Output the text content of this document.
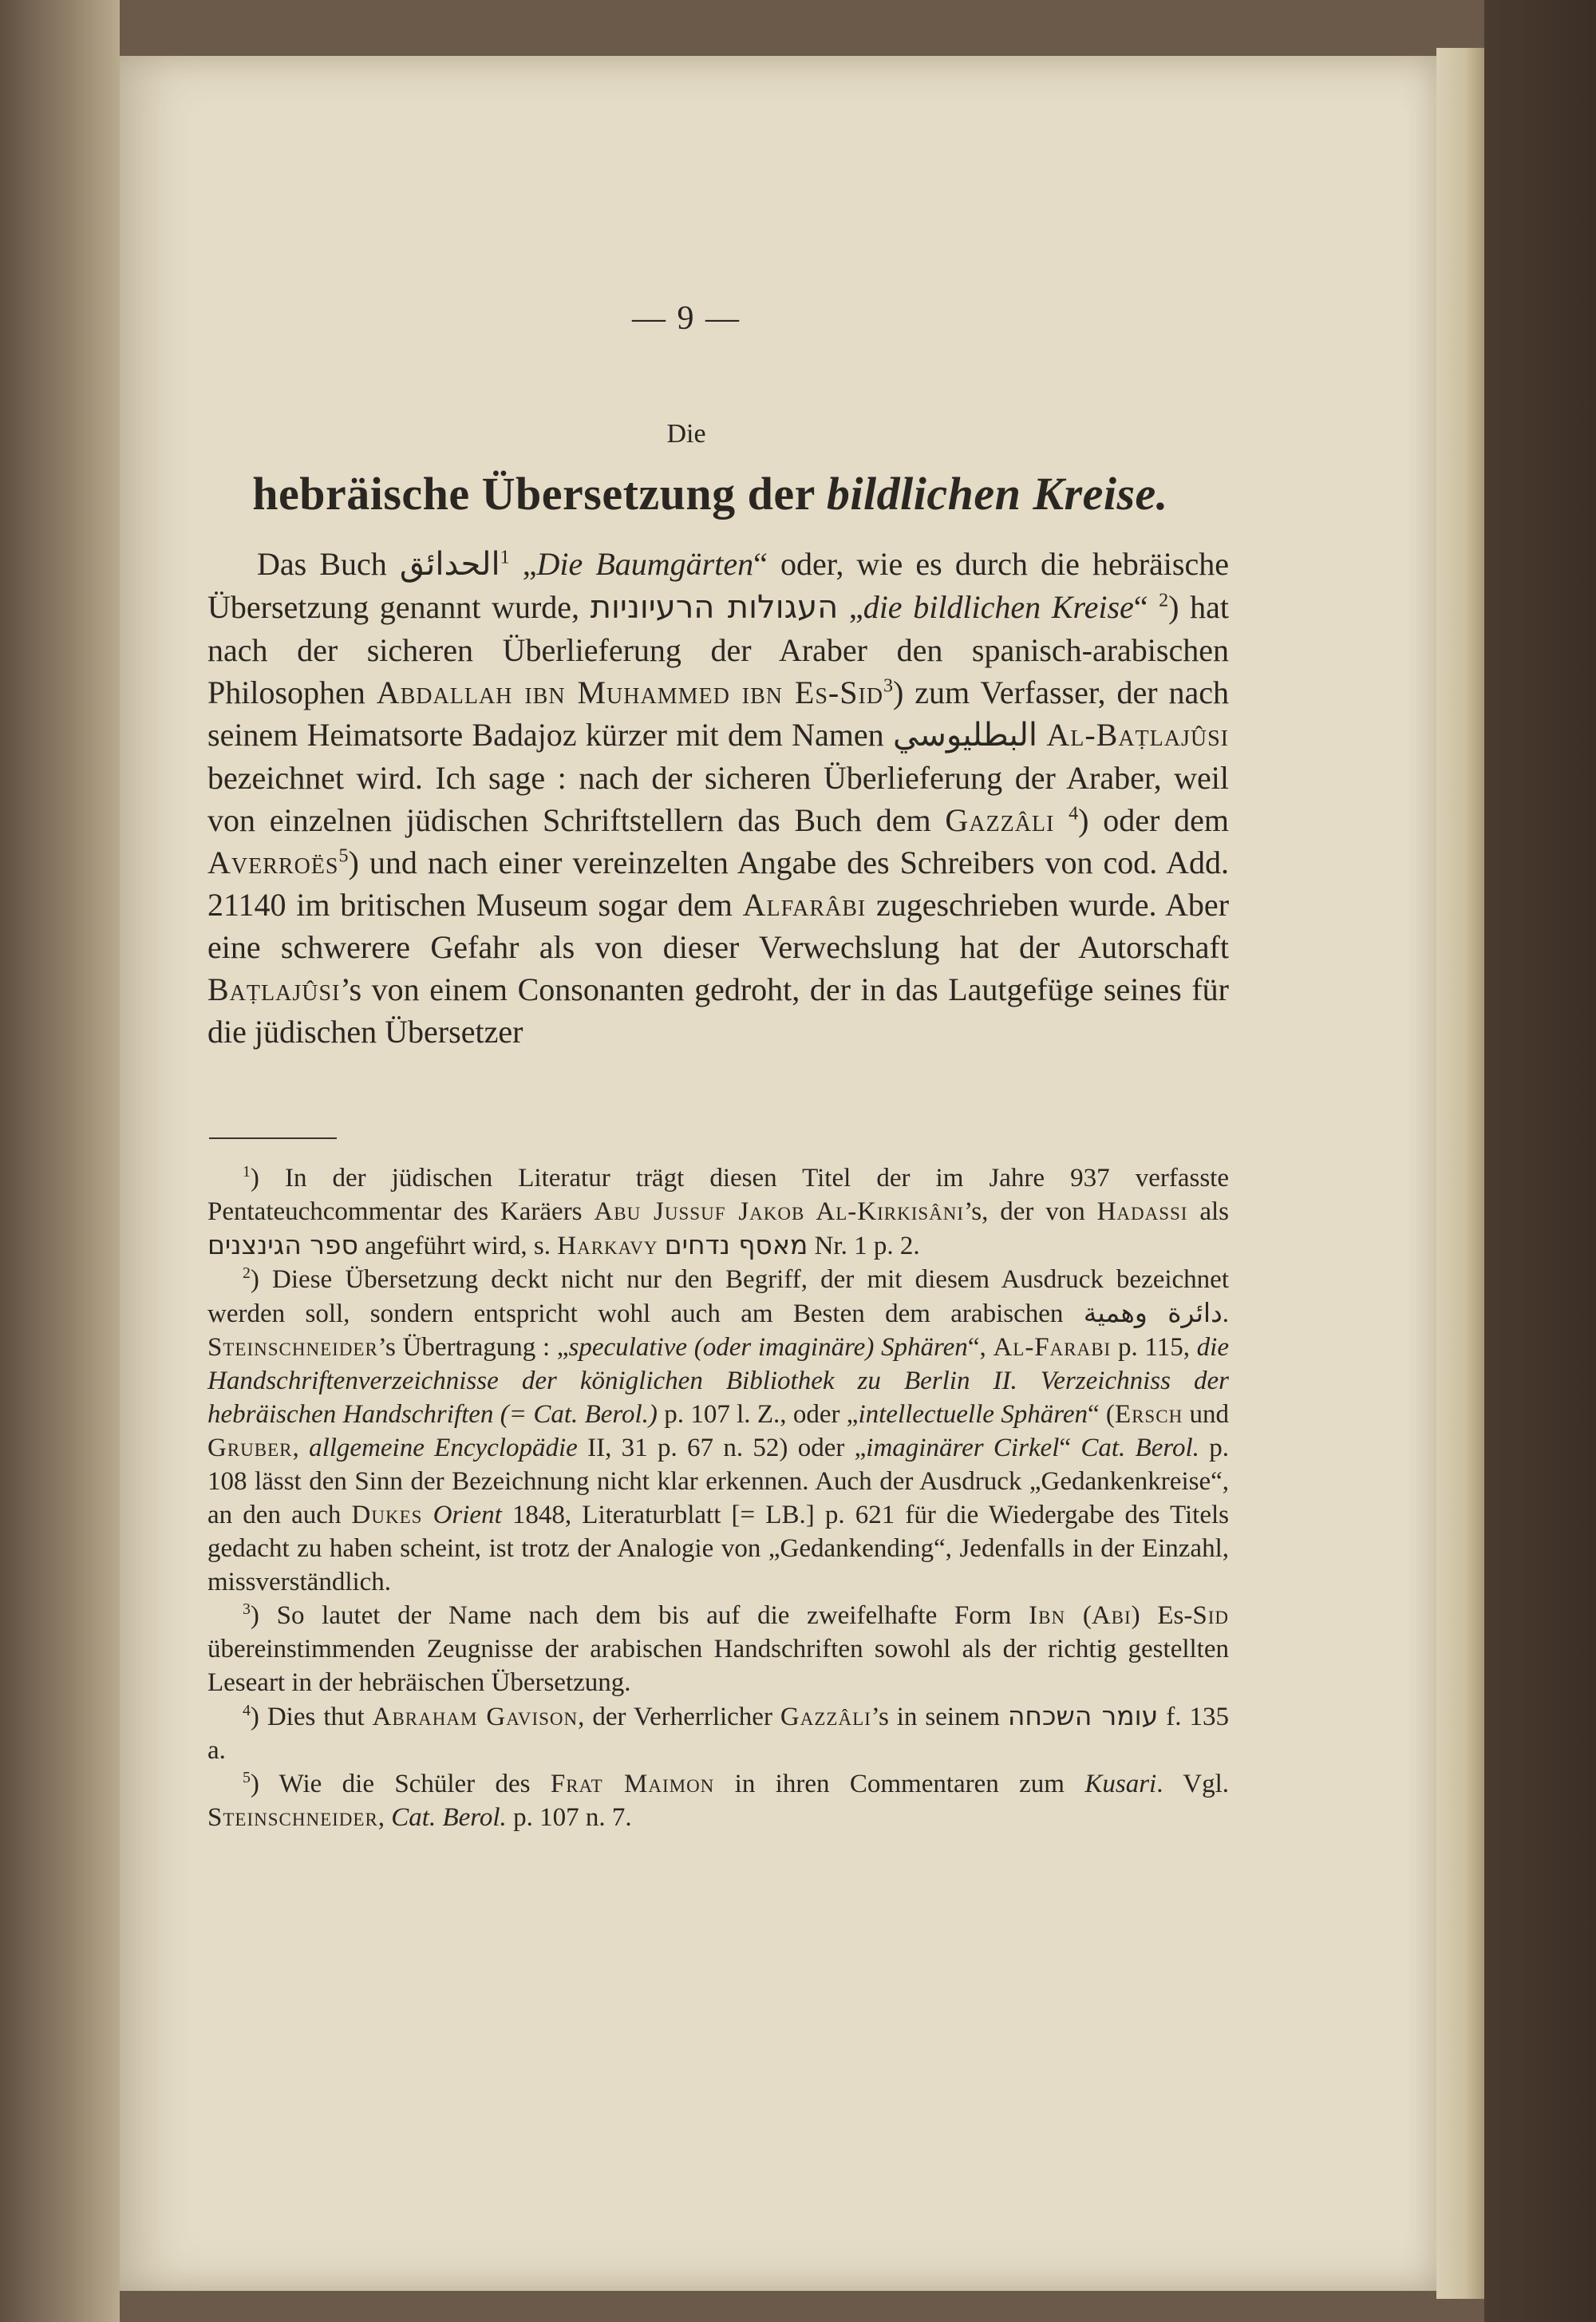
— 9 —
Die
hebräische Übersetzung der bildlichen Kreise.

Das Buch الحدائق$^1$ „Die Baumgärten“ oder, wie es durch die hebräische Übersetzung genannt wurde, העגולות הרעיוניות „die bildlichen Kreise“ $^2$) hat nach der sicheren Überlieferung der Araber den spanisch-arabischen Philosophen Abdallah ibn Muhammed ibn Es-Sid$^3$) zum Verfasser, der nach seinem Heimatsorte Badajoz kürzer mit dem Namen البطليوسي Al-Baṭlajûsi bezeichnet wird. Ich sage : nach der sicheren Überlieferung der Araber, weil von einzelnen jüdischen Schriftstellern das Buch dem Gazzâli $^4$) oder dem Averroës$^5$) und nach einer vereinzelten Angabe des Schreibers von cod. Add. 21140 im britischen Museum sogar dem Alfarâbi zugeschrieben wurde. Aber eine schwerere Gefahr als von dieser Verwechslung hat der Autorschaft Baṭlajûsi’s von einem Consonanten gedroht, der in das Lautgefüge seines für die jüdischen Übersetzer

$^1$) In der jüdischen Literatur trägt diesen Titel der im Jahre 937 verfasste Pentateuchcommentar des Karäers Abu Jussuf Jakob Al-Kirkisâni’s, der von Hadassi als ספר הגינצנים angeführt wird, s. Harkavy מאסף נדחים Nr. 1 p. 2.

$^2$) Diese Übersetzung deckt nicht nur den Begriff, der mit diesem Ausdruck bezeichnet werden soll, sondern entspricht wohl auch am Besten dem arabischen وهمية دائرة. Steinschneider’s Übertragung : „speculative (oder imaginäre) Sphären“, Al-Farabi p. 115, die Handschriftenverzeichnisse der königlichen Bibliothek zu Berlin II. Verzeichniss der hebräischen Handschriften (= Cat. Berol.) p. 107 l. Z., oder „intellectuelle Sphären“ (Ersch und Gruber, allgemeine Encyclopädie II, 31 p. 67 n. 52) oder „imaginärer Cirkel“ Cat. Berol. p. 108 lässt den Sinn der Bezeichnung nicht klar erkennen. Auch der Ausdruck „Gedankenkreise“, an den auch Dukes Orient 1848, Literaturblatt [= LB.] p. 621 für die Wiedergabe des Titels gedacht zu haben scheint, ist trotz der Analogie von „Gedankending“, Jedenfalls in der Einzahl, missverständlich.

$^3$) So lautet der Name nach dem bis auf die zweifelhafte Form Ibn (Abi) Es-Sid übereinstimmenden Zeugnisse der arabischen Handschriften sowohl als der richtig gestellten Leseart in der hebräischen Übersetzung.

$^4$) Dies thut Abraham Gavison, der Verherrlicher Gazzâli’s in seinem עומר השכחה f. 135 a.

$^5$) Wie die Schüler des Frat Maimon in ihren Commentaren zum Kusari. Vgl. Steinschneider, Cat. Berol. p. 107 n. 7.
